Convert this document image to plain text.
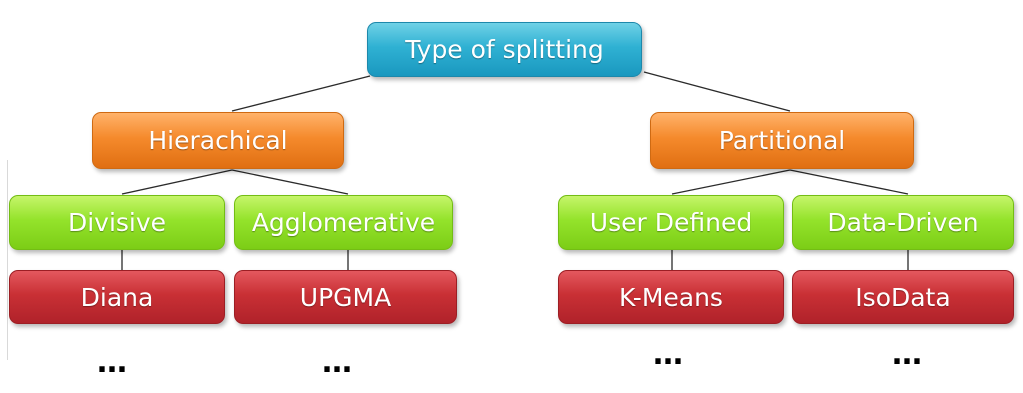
Type of splitting
Hierachical	Partitional
Divisive	Agglomerative	User Defined	Data-Driven
Diana	UPGMA	K-Means	IsoData
…	…	…	…
